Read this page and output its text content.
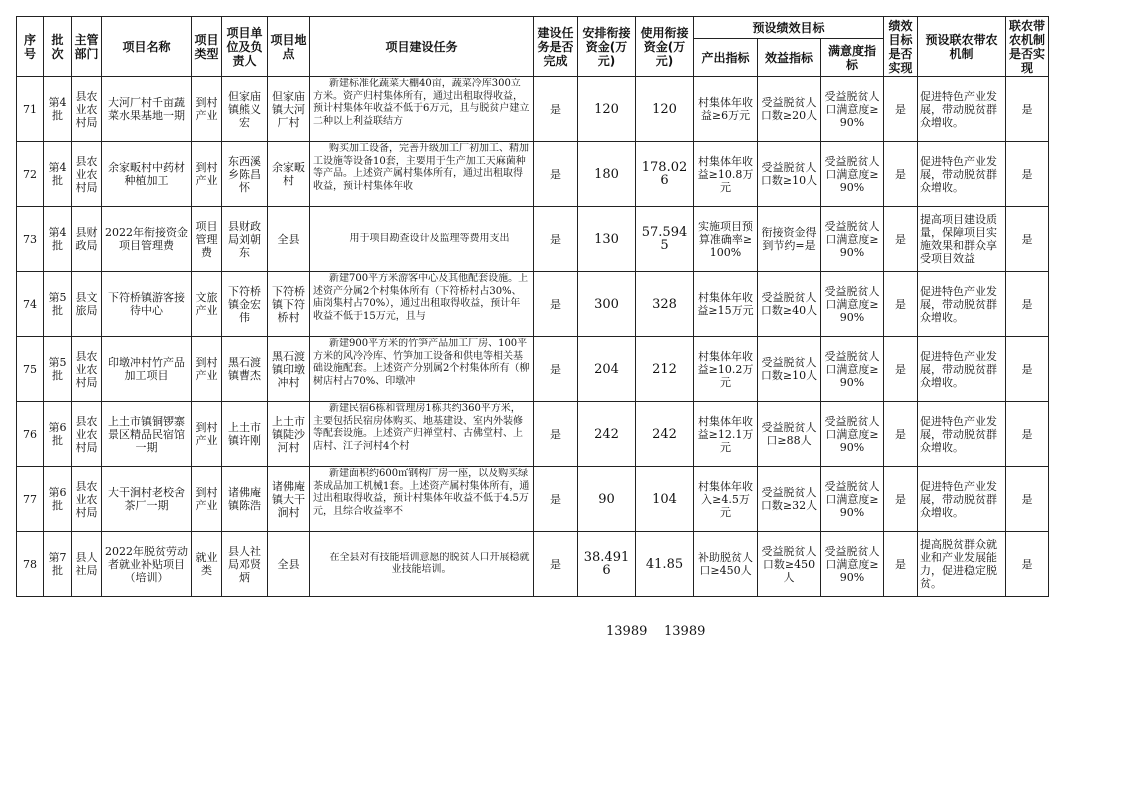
序号	批次	主管部门	项目名称	项目类型	项目单位及负责人	项目地点	项目建设任务	建设任务是否完成	安排衔接资金(万元)	使用衔接资金(万元)	预设绩效目标			绩效目标是否实现	预设联农带农机制	联农带农机制是否实现

											产出指标	效益指标	满意度指标			
71	第4批	县农业农村局	大河厂村千亩蔬菜水果基地一期	到村产业	但家庙镇熊义宏	但家庙镇大河厂村	新建标准化蔬菜大棚40亩，蔬菜冷库300立方米。资产归村集体所有，通过出租取得收益，预计村集体年收益不低于6万元，且与脱贫户建立二种以上利益联结方	是	120	120	村集体年收益≥6万元	受益脱贫人口数≥20人	受益脱贫人口满意度≥90%	是	促进特色产业发展，带动脱贫群众增收。	是
72	第4批	县农业农村局	余家畈村中药材种植加工	到村产业	东西溪乡陈昌怀	余家畈村	购买加工设备，完善升级加工厂初加工、精加工设施等设备10套，主要用于生产加工天麻菌种等产品。上述资产属村集体所有，通过出租取得收益，预计村集体年收	是	180	178.026	村集体年收益≥10.8万元	受益脱贫人口数≥10人	受益脱贫人口满意度≥90%	是	促进特色产业发展，带动脱贫群众增收。	是
73	第4批	县财政局	2022年衔接资金项目管理费	项目管理费	县财政局刘朝东	全县	用于项目勘查设计及监理等费用支出	是	130	57.5945	实施项目预算准确率≥100%	衔接资金得到节约=是	受益脱贫人口满意度≥90%	是	提高项目建设质量，保障项目实施效果和群众享受项目效益	是
74	第5批	县文旅局	下符桥镇游客接待中心	文旅产业	下符桥镇金宏伟	下符桥镇下符桥村	新建700平方米游客中心及其他配套设施。上述资产分属2个村集体所有（下符桥村占30%、庙岗集村占70%），通过出租取得收益，预计年收益不低于15万元，且与	是	300	328	村集体年收益≥15万元	受益脱贫人口数≥40人	受益脱贫人口满意度≥90%	是	促进特色产业发展，带动脱贫群众增收。	是
75	第5批	县农业农村局	印墩冲村竹产品加工项目	到村产业	黑石渡镇曹杰	黑石渡镇印墩冲村	新建900平方米的竹笋产品加工厂房、100平方米的风冷冷库、竹笋加工设备和供电等相关基础设施配套。上述资产分别属2个村集体所有（柳树店村占70%、印墩冲	是	204	212	村集体年收益≥10.2万元	受益脱贫人口数≥10人	受益脱贫人口满意度≥90%	是	促进特色产业发展，带动脱贫群众增收。	是
76	第6批	县农业农村局	上土市镇铜锣寨景区精品民宿馆一期	到村产业	上土市镇许刚	上土市镇陡沙河村	新建民宿6栋和管理房1栋共约360平方米，主要包括民宿房体购买、地基建设、室内外装修等配套设施。上述资产归禅堂村、古佛堂村、上店村、江子河村4个村	是	242	242	村集体年收益≥12.1万元	受益脱贫人口≥88人	受益脱贫人口满意度≥90%	是	促进特色产业发展，带动脱贫群众增收。	是
77	第6批	县农业农村局	大干涧村老校舍茶厂一期	到村产业	诸佛庵镇陈浩	诸佛庵镇大干涧村	新建面积约600㎡钢构厂房一座，以及购买绿茶成品加工机械1套。上述资产属村集体所有，通过出租取得收益，预计村集体年收益不低于4.5万元，且综合收益率不	是	90	104	村集体年收入≥4.5万元	受益脱贫人口数≥32人	受益脱贫人口满意度≥90%	是	促进特色产业发展，带动脱贫群众增收。	是
78	第7批	县人社局	2022年脱贫劳动者就业补贴项目（培训）	就业类	县人社局邓贤炳	全县	在全县对有技能培训意愿的脱贫人口开展稳就业技能培训。	是	38.4916	41.85	补助脱贫人口≥450人	受益脱贫人口数≥450人	受益脱贫人口满意度≥90%	是	提高脱贫群众就业和产业发展能力，促进稳定脱贫。	是
13989 13989
